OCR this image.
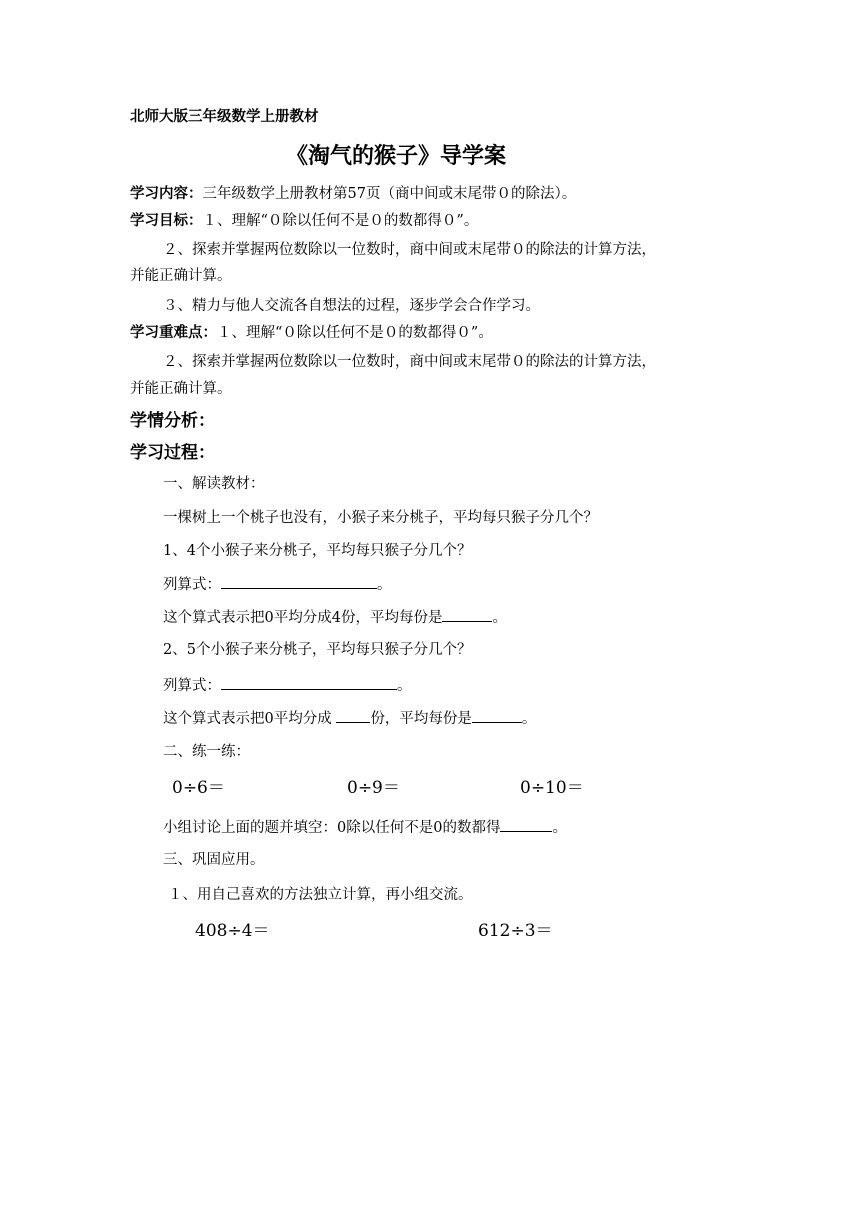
北师大版三年级数学上册教材
《淘气的猴子》导学案
学习内容：三年级数学上册教材第57页（商中间或末尾带０的除法）。
学习目标：１、理解“０除以任何不是０的数都得０”。
２、探索并掌握两位数除以一位数时，商中间或末尾带０的除法的计算方法，
并能正确计算。
３、精力与他人交流各自想法的过程，逐步学会合作学习。
学习重难点：１、理解“０除以任何不是０的数都得０”。
２、探索并掌握两位数除以一位数时，商中间或末尾带０的除法的计算方法，
并能正确计算。
学情分析：
学习过程：
一、解读教材：
一棵树上一个桃子也没有，小猴子来分桃子，平均每只猴子分几个？
1、4个小猴子来分桃子，平均每只猴子分几个？
列算式：	。
这个算式表示把0平均分成4份，平均每份是	。
2、5个小猴子来分桃子，平均每只猴子分几个？
列算式：	。
这个算式表示把0平均分成 份，平均每份是	。
二、练一练：
0÷6＝	0÷9＝	0÷10＝
小组讨论上面的题并填空：0除以任何不是0的数都得	。
三、巩固应用。
１、用自己喜欢的方法独立计算，再小组交流。
408÷4＝	612÷3＝
